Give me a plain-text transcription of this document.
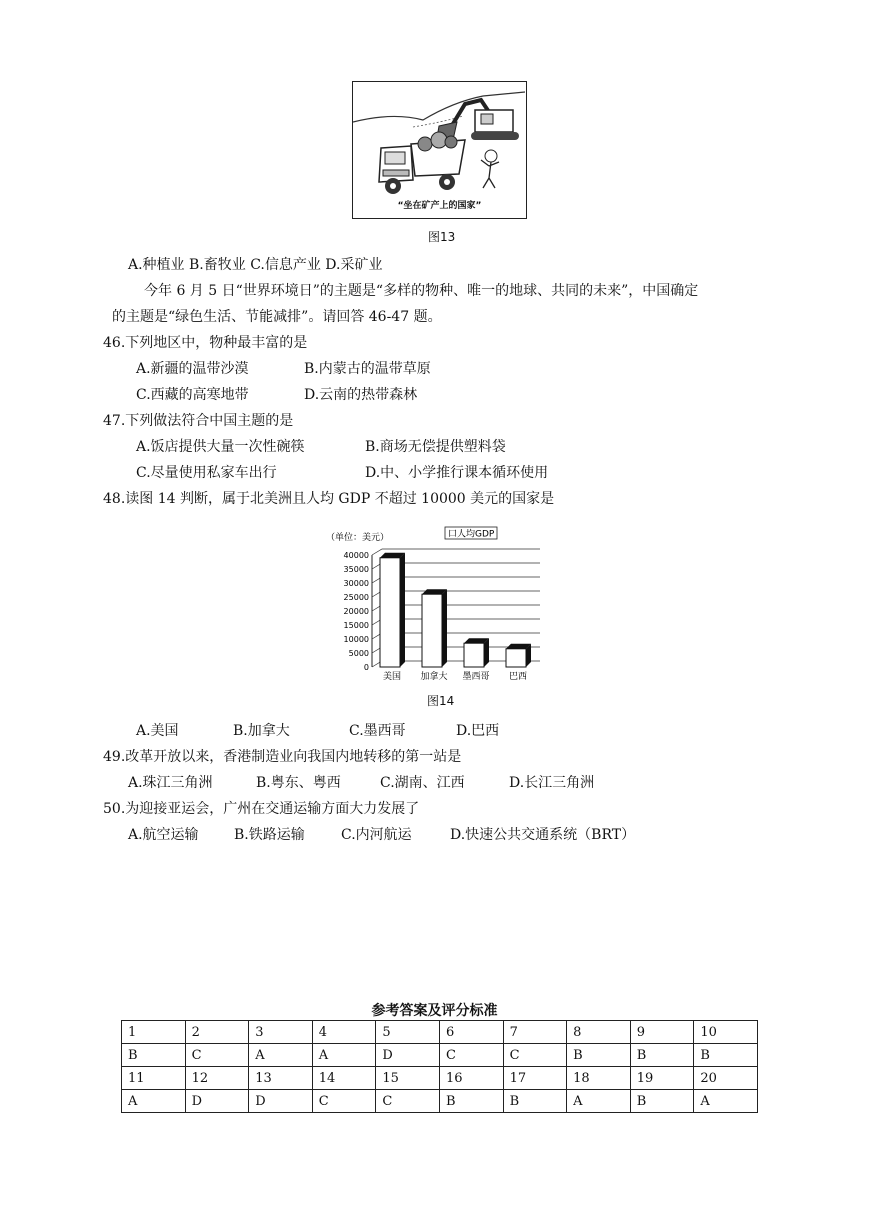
“坐在矿产上的国家”
图13
A.种植业 B.畜牧业 C.信息产业 D.采矿业
今年 6 月 5 日“世界环境日”的主题是“多样的物种、唯一的地球、共同的未来”，中国确定
的主题是“绿色生活、节能减排”。请回答 46-47 题。
46.下列地区中，物种最丰富的是
A.新疆的温带沙漠	B.内蒙古的温带草原
C.西藏的高寒地带	D.云南的热带森林
47.下列做法符合中国主题的是
A.饭店提供大量一次性碗筷	B.商场无偿提供塑料袋
C.尽量使用私家车出行	D.中、小学推行课本循环使用
48.读图 14 判断，属于北美洲且人均 GDP 不超过 10000 美元的国家是
（单位：美元）	口人均GDP
40000
35000
30000
25000
20000
15000
10000
5000
0
美国 加拿大 墨西哥 巴西
图14
A.美国	B.加拿大	C.墨西哥	D.巴西
49.改革开放以来，香港制造业向我国内地转移的第一站是
A.珠江三角洲	B.粤东、粤西	C.湖南、江西	D.长江三角洲
50.为迎接亚运会，广州在交通运输方面大力发展了
A.航空运输	B.铁路运输	C.内河航运	D.快速公共交通系统（BRT）
参考答案及评分标准
1	2	3	4	5	6	7	8	9	10
B	C	A	A	D	C	C	B	B	B
11	12	13	14	15	16	17	18	19	20
A	D	D	C	C	B	B	A	B	A
